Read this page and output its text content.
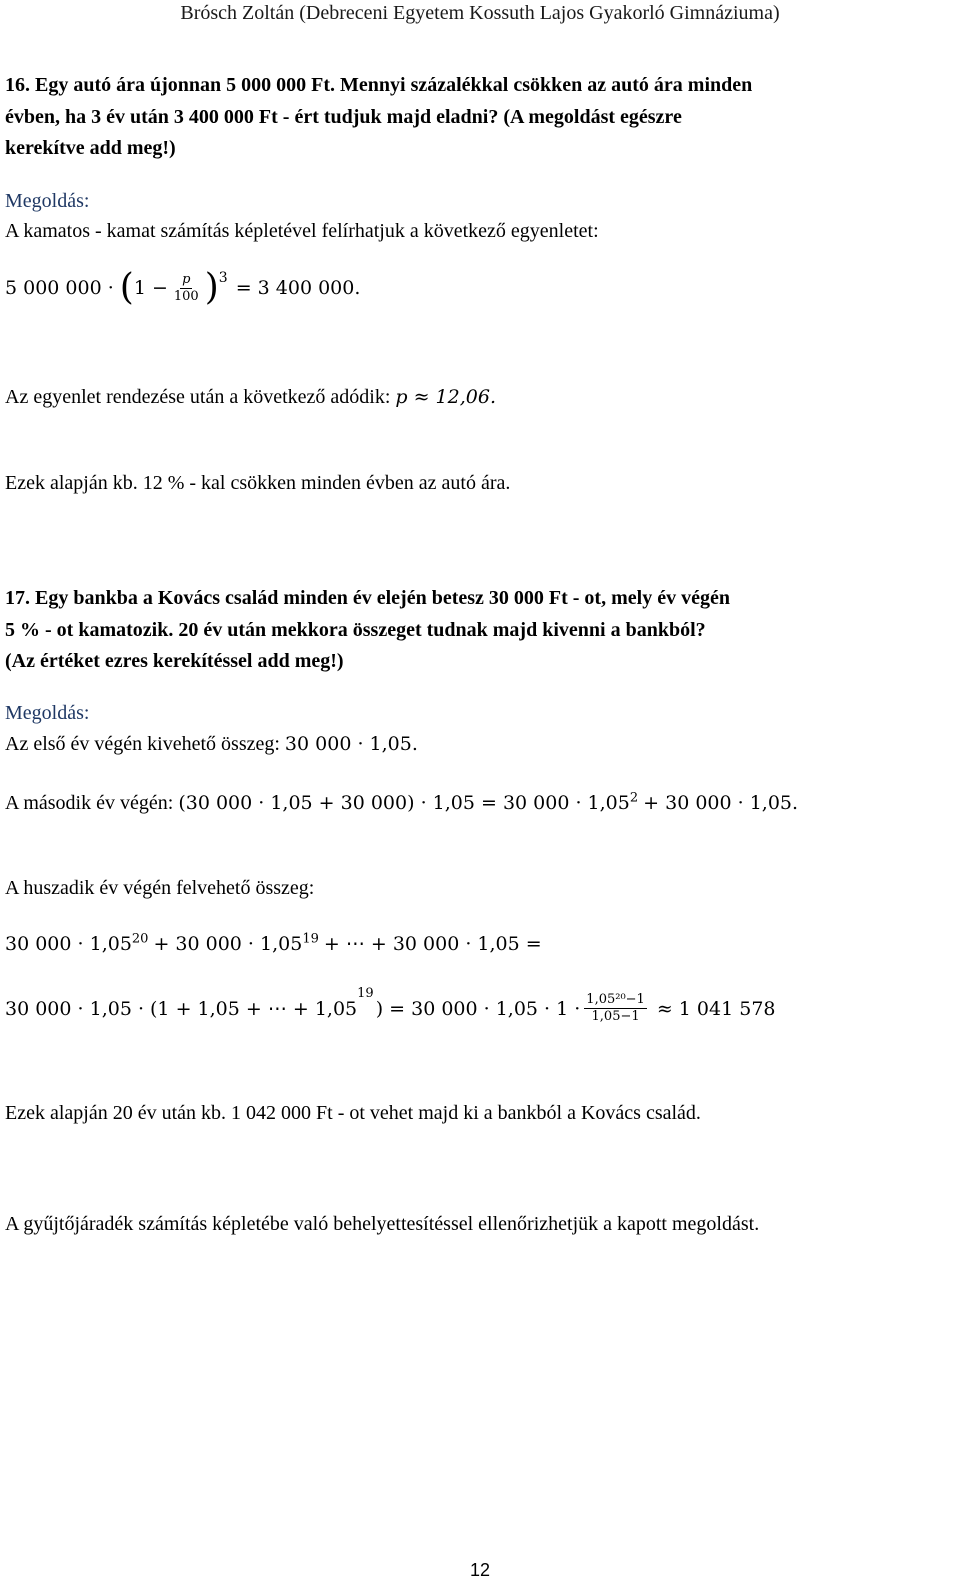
Brósch Zoltán (Debreceni Egyetem Kossuth Lajos Gyakorló Gimnáziuma)
16. Egy autó ára újonnan 5 000 000 Ft. Mennyi százalékkal csökken az autó ára minden
évben, ha 3 év után 3 400 000 Ft - ért tudjuk majd eladni? (A megoldást egészre
kerekítve add meg!)
Megoldás:
A kamatos - kamat számítás képletével felírhatjuk a következő egyenletet:
5 000 000 · ( $1 - \frac{p}{100}$ ) 3 = 3 400 000.
Az egyenlet rendezése után a következő adódik: p ≈ 12,06.
Ezek alapján kb. 12 % - kal csökken minden évben az autó ára.
17. Egy bankba a Kovács család minden év elején betesz 30 000 Ft - ot, mely év végén
5 % - ot kamatozik. 20 év után mekkora összeget tudnak majd kivenni a bankból?
(Az értéket ezres kerekítéssel add meg!)
Megoldás:
Az első év végén kivehető összeg: 30 000 · 1,05.
A második év végén: (30 000 · 1,05 + 30 000) · 1,05 = 30 $000 \cdot 1,05^2 + 30$ 000 · 1,05.
A huszadik év végén felvehető összeg:
30 $000 \cdot 1,05^{20} + 30$ $000 \cdot 1,05^{19}$ + ⋯ + 30 000 · 1,05 =
30 000 · 1,05 · (1 + 1,05 + ⋯ + 1,05
19
) = 30 $000 \cdot 1,05 \cdot 1 \cdot \frac{\text{1,05²⁰−1}}{1,05-1} \approx 1$ 041 578
Ezek alapján 20 év után kb. 1 042 000 Ft - ot vehet majd ki a bankból a Kovács család.
A gyűjtőjáradék számítás képletébe való behelyettesítéssel ellenőrizhetjük a kapott megoldást.
12
